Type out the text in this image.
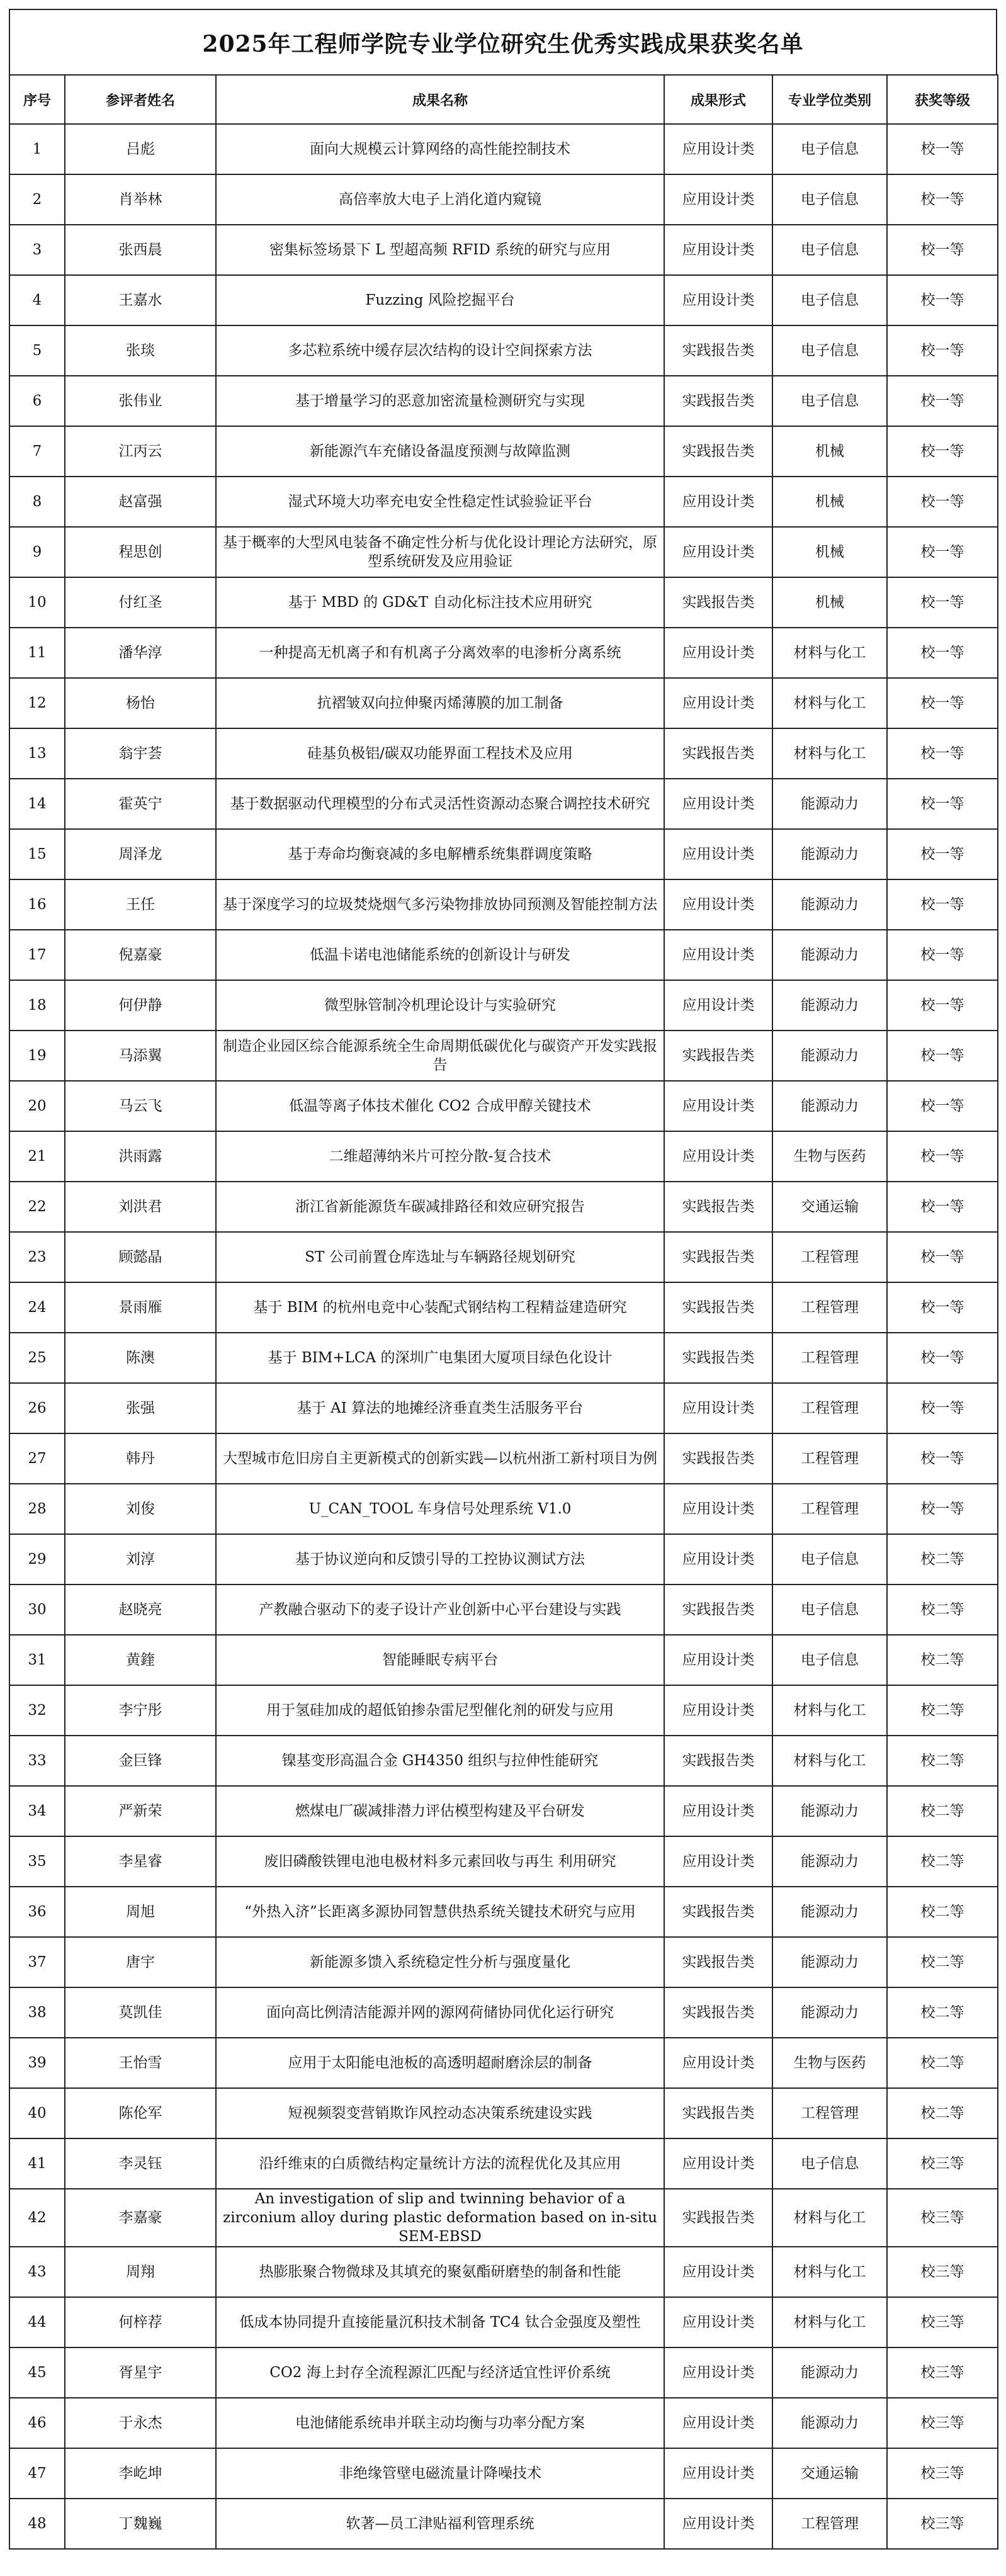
2025年工程师学院专业学位研究生优秀实践成果获奖名单
序号	参评者姓名	成果名称	成果形式	专业学位类别	获奖等级
1	吕彪	面向大规模云计算网络的高性能控制技术	应用设计类	电子信息	校一等
2	肖举林	高倍率放大电子上消化道内窥镜	应用设计类	电子信息	校一等
3	张西晨	密集标签场景下 L 型超高频 RFID 系统的研究与应用	应用设计类	电子信息	校一等
4	王嘉水	Fuzzing 风险挖掘平台	应用设计类	电子信息	校一等
5	张琰	多芯粒系统中缓存层次结构的设计空间探索方法	实践报告类	电子信息	校一等
6	张伟业	基于增量学习的恶意加密流量检测研究与实现	实践报告类	电子信息	校一等
7	江丙云	新能源汽车充储设备温度预测与故障监测	实践报告类	机械	校一等
8	赵富强	湿式环境大功率充电安全性稳定性试验验证平台	应用设计类	机械	校一等
9	程思创	基于概率的大型风电装备不确定性分析与优化设计理论方法研究，原型系统研发及应用验证	应用设计类	机械	校一等
10	付红圣	基于 MBD 的 GD&T 自动化标注技术应用研究	实践报告类	机械	校一等
11	潘华淳	一种提高无机离子和有机离子分离效率的电渗析分离系统	应用设计类	材料与化工	校一等
12	杨怡	抗褶皱双向拉伸聚丙烯薄膜的加工制备	应用设计类	材料与化工	校一等
13	翁宇荟	硅基负极铝/碳双功能界面工程技术及应用	实践报告类	材料与化工	校一等
14	霍英宁	基于数据驱动代理模型的分布式灵活性资源动态聚合调控技术研究	应用设计类	能源动力	校一等
15	周泽龙	基于寿命均衡衰减的多电解槽系统集群调度策略	应用设计类	能源动力	校一等
16	王任	基于深度学习的垃圾焚烧烟气多污染物排放协同预测及智能控制方法	应用设计类	能源动力	校一等
17	倪嘉豪	低温卡诺电池储能系统的创新设计与研发	应用设计类	能源动力	校一等
18	何伊静	微型脉管制冷机理论设计与实验研究	应用设计类	能源动力	校一等
19	马添翼	制造企业园区综合能源系统全生命周期低碳优化与碳资产开发实践报告	实践报告类	能源动力	校一等
20	马云飞	低温等离子体技术催化 CO2 合成甲醇关键技术	应用设计类	能源动力	校一等
21	洪雨露	二维超薄纳米片可控分散-复合技术	应用设计类	生物与医药	校一等
22	刘洪君	浙江省新能源货车碳减排路径和效应研究报告	实践报告类	交通运输	校一等
23	顾懿晶	ST 公司前置仓库选址与车辆路径规划研究	实践报告类	工程管理	校一等
24	景雨雁	基于 BIM 的杭州电竞中心装配式钢结构工程精益建造研究	实践报告类	工程管理	校一等
25	陈澳	基于 BIM+LCA 的深圳广电集团大厦项目绿色化设计	实践报告类	工程管理	校一等
26	张强	基于 AI 算法的地摊经济垂直类生活服务平台	应用设计类	工程管理	校一等
27	韩丹	大型城市危旧房自主更新模式的创新实践—以杭州浙工新村项目为例	实践报告类	工程管理	校一等
28	刘俊	U_CAN_TOOL 车身信号处理系统 V1.0	应用设计类	工程管理	校一等
29	刘淳	基于协议逆向和反馈引导的工控协议测试方法	应用设计类	电子信息	校二等
30	赵晓亮	产教融合驱动下的麦子设计产业创新中心平台建设与实践	实践报告类	电子信息	校二等
31	黄鍷	智能睡眠专病平台	应用设计类	电子信息	校二等
32	李宁彤	用于氢硅加成的超低铂掺杂雷尼型催化剂的研发与应用	应用设计类	材料与化工	校二等
33	金巨锋	镍基变形高温合金 GH4350 组织与拉伸性能研究	实践报告类	材料与化工	校二等
34	严新荣	燃煤电厂碳减排潜力评估模型构建及平台研发	应用设计类	能源动力	校二等
35	李星睿	废旧磷酸铁锂电池电极材料多元素回收与再生 利用研究	应用设计类	能源动力	校二等
36	周旭	“外热入济”长距离多源协同智慧供热系统关键技术研究与应用	实践报告类	能源动力	校二等
37	唐宇	新能源多馈入系统稳定性分析与强度量化	实践报告类	能源动力	校二等
38	莫凯佳	面向高比例清洁能源并网的源网荷储协同优化运行研究	实践报告类	能源动力	校二等
39	王怡雪	应用于太阳能电池板的高透明超耐磨涂层的制备	应用设计类	生物与医药	校二等
40	陈伦军	短视频裂变营销欺诈风控动态决策系统建设实践	实践报告类	工程管理	校二等
41	李灵钰	沿纤维束的白质微结构定量统计方法的流程优化及其应用	应用设计类	电子信息	校三等
42	李嘉豪	An investigation of slip and twinning behavior of a zirconium alloy during plastic deformation based on in-situ SEM-EBSD	实践报告类	材料与化工	校三等
43	周翔	热膨胀聚合物微球及其填充的聚氨酯研磨垫的制备和性能	应用设计类	材料与化工	校三等
44	何梓荐	低成本协同提升直接能量沉积技术制备 TC4 钛合金强度及塑性	应用设计类	材料与化工	校三等
45	胥星宇	CO2 海上封存全流程源汇匹配与经济适宜性评价系统	应用设计类	能源动力	校三等
46	于永杰	电池储能系统串并联主动均衡与功率分配方案	应用设计类	能源动力	校三等
47	李屹坤	非绝缘管壁电磁流量计降噪技术	应用设计类	交通运输	校三等
48	丁魏巍	软著—员工津贴福利管理系统	应用设计类	工程管理	校三等
